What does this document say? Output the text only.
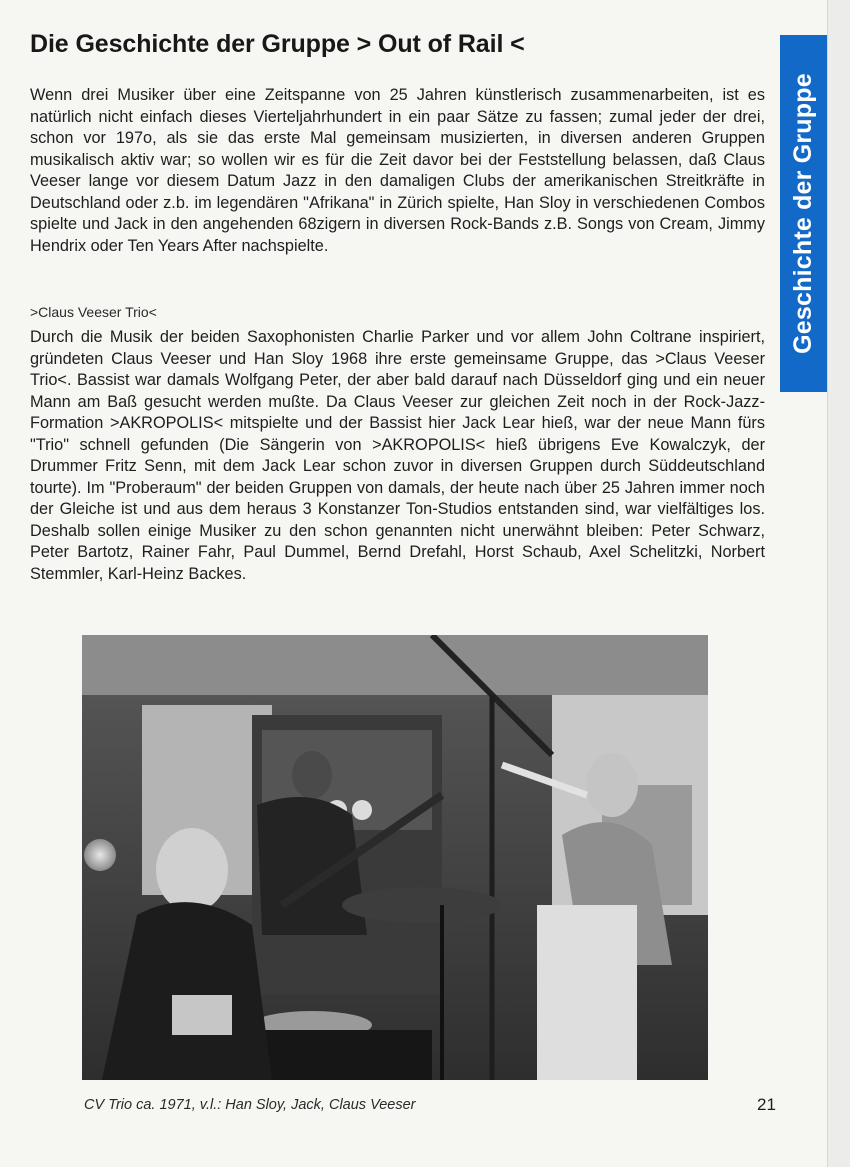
Die Geschichte der Gruppe > Out of Rail <
Geschichte der Gruppe

Wenn drei Musiker über eine Zeitspanne von 25 Jahren künstlerisch zusammenarbeiten, ist es natürlich nicht einfach dieses Vierteljahrhundert in ein paar Sätze zu fassen; zumal jeder der drei, schon vor 197o, als sie das erste Mal gemeinsam musizierten, in diversen anderen Gruppen musikalisch aktiv war; so wollen wir es für die Zeit davor bei der Feststellung belassen, daß Claus Veeser lange vor diesem Datum Jazz in den damaligen Clubs der amerikanischen Streitkräfte in Deutschland oder z.b. im legendären "Afrikana" in Zürich spielte, Han Sloy in verschiedenen Combos spielte und Jack in den angehenden 68zigern in diversen Rock-Bands z.B. Songs von Cream, Jimmy Hendrix oder Ten Years After nachspielte.

>Claus Veeser Trio<

Durch die Musik der beiden Saxophonisten Charlie Parker und vor allem John Coltrane inspiriert, gründeten Claus Veeser und Han Sloy 1968 ihre erste gemeinsame Gruppe, das >Claus Veeser Trio<. Bassist war damals Wolfgang Peter, der aber bald darauf nach Düsseldorf ging und ein neuer Mann am Baß gesucht werden mußte. Da Claus Veeser zur gleichen Zeit noch in der Rock-Jazz-Formation >AKROPOLIS< mitspielte und der Bassist hier Jack Lear hieß, war der neue Mann fürs "Trio" schnell gefunden (Die Sängerin von >AKROPOLIS< hieß übrigens Eve Kowalczyk, der Drummer Fritz Senn, mit dem Jack Lear schon zuvor in diversen Gruppen durch Süddeutschland tourte). Im "Proberaum" der beiden Gruppen von damals, der heute nach über 25 Jahren immer noch der Gleiche ist und aus dem heraus 3 Konstanzer Ton-Studios entstanden sind, war vielfältiges los. Deshalb sollen einige Musiker zu den schon genannten nicht unerwähnt bleiben: Peter Schwarz, Peter Bartotz, Rainer Fahr, Paul Dummel, Bernd Drefahl, Horst Schaub, Axel Schelitzki, Norbert Stemmler, Karl-Heinz Backes.

CV Trio ca. 1971, v.l.: Han Sloy, Jack, Claus Veeser	21
